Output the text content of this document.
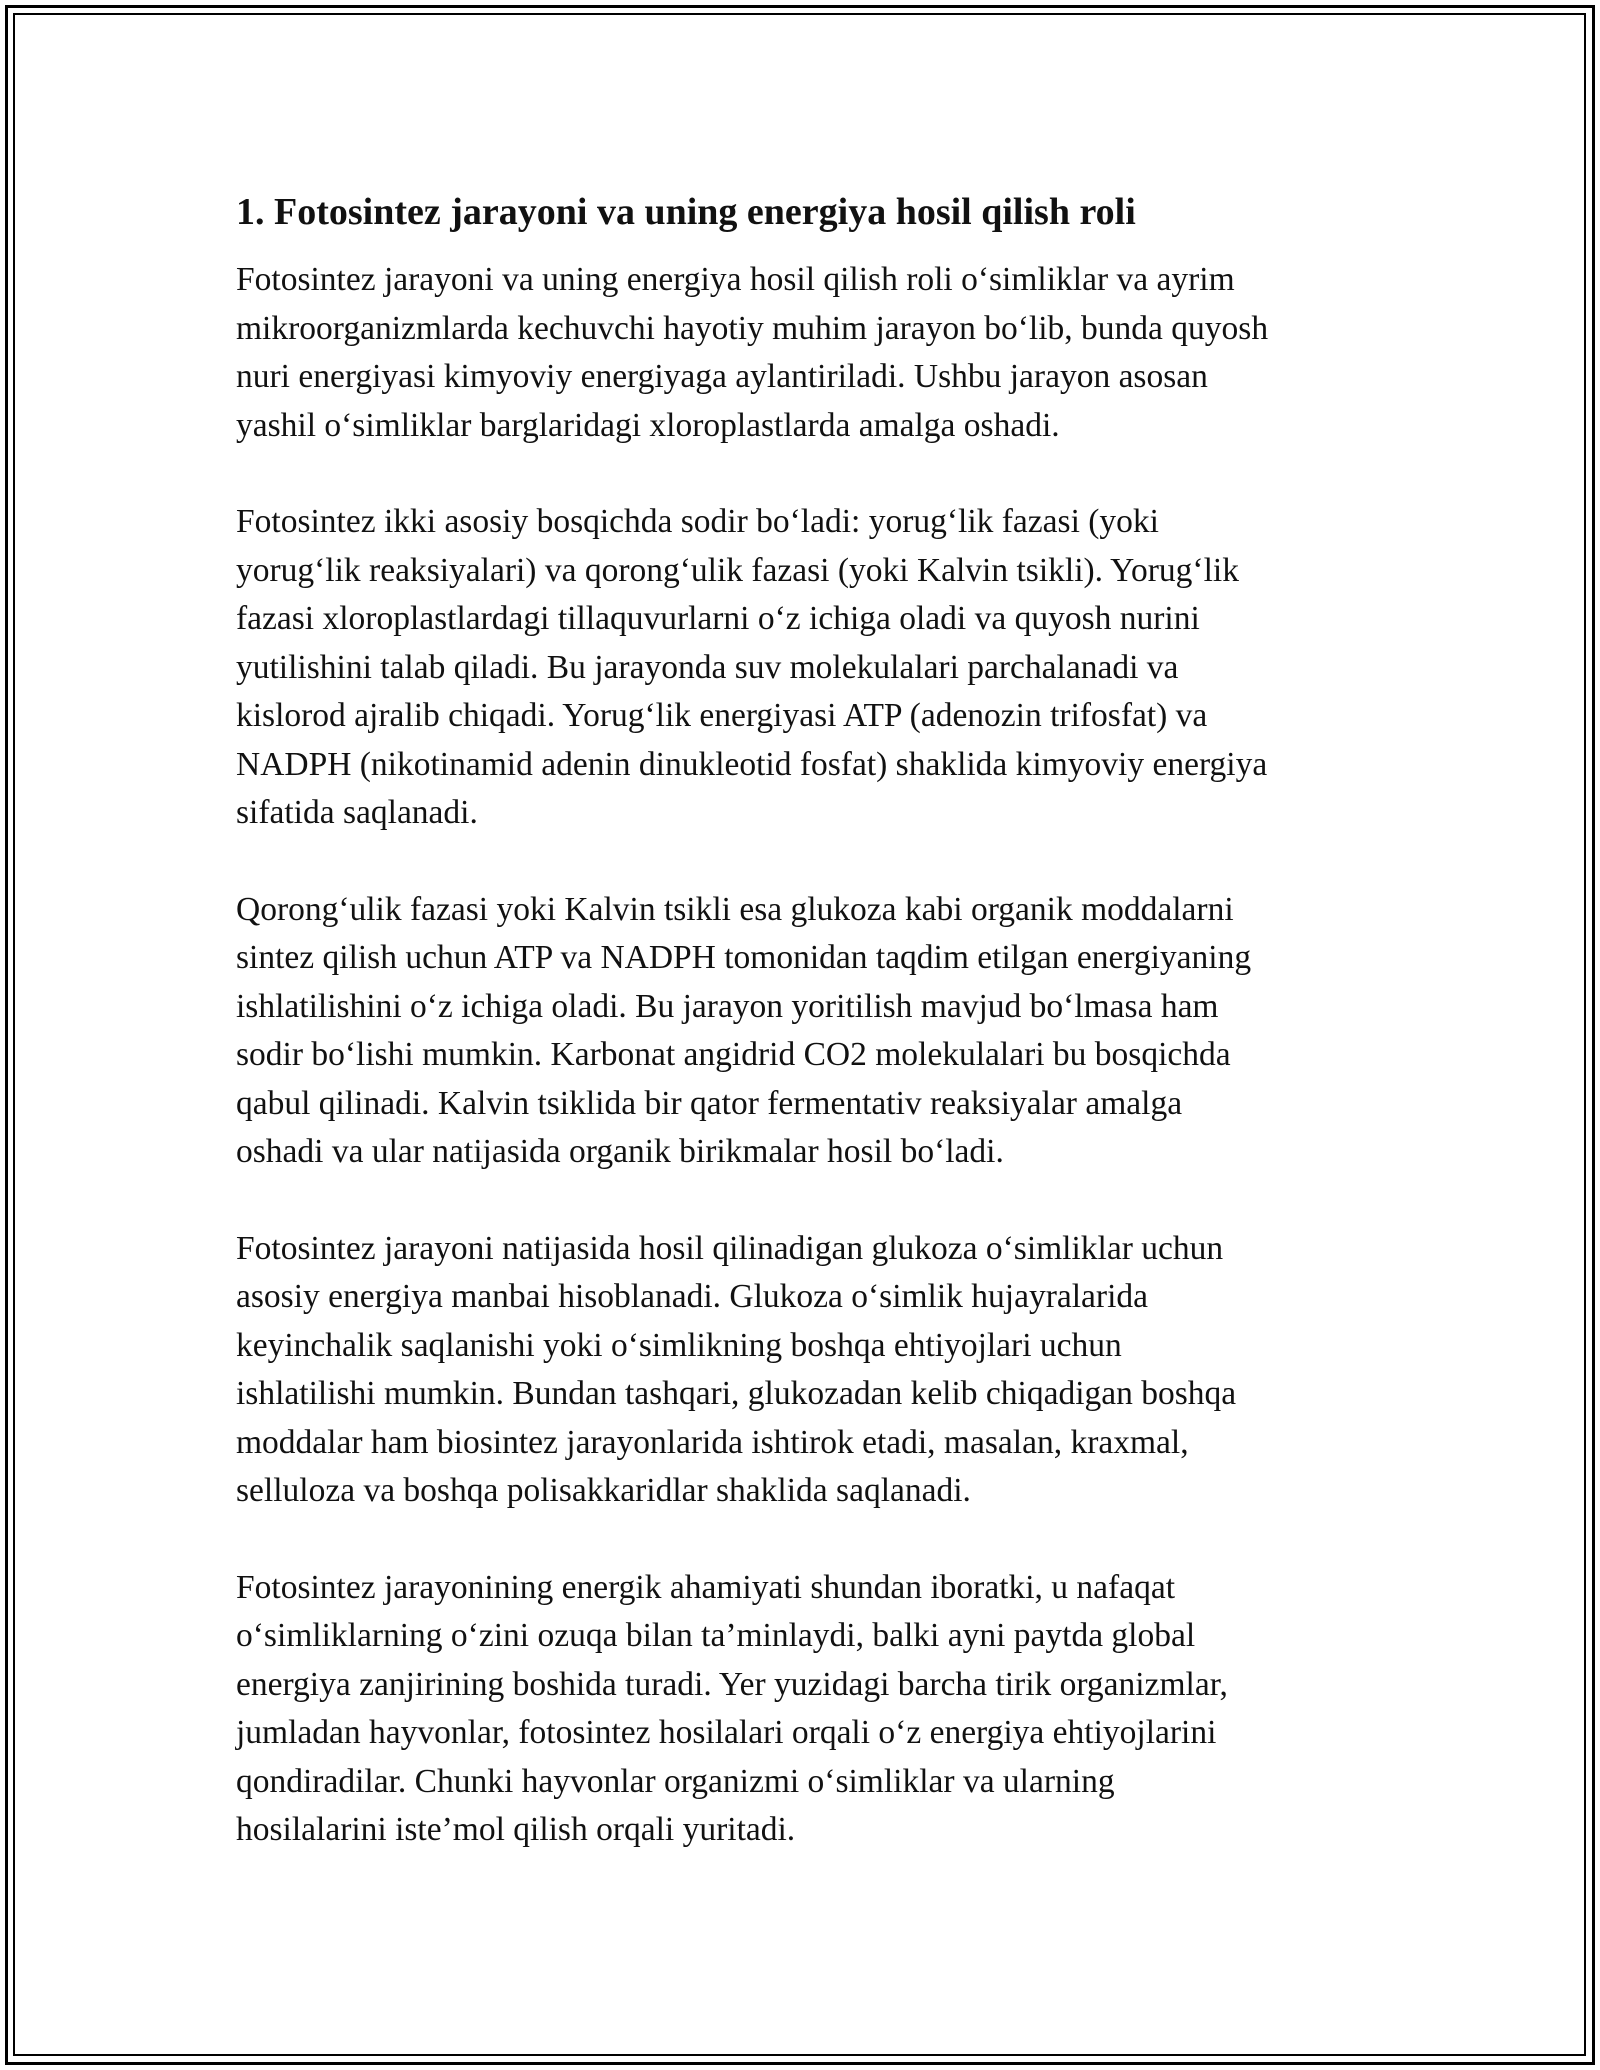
1. Fotosintez jarayoni va uning energiya hosil qilish roli

Fotosintez jarayoni va uning energiya hosil qilish roli o‘simliklar va ayrim
mikroorganizmlarda kechuvchi hayotiy muhim jarayon bo‘lib, bunda quyosh
nuri energiyasi kimyoviy energiyaga aylantiriladi. Ushbu jarayon asosan
yashil o‘simliklar barglaridagi xloroplastlarda amalga oshadi.

Fotosintez ikki asosiy bosqichda sodir bo‘ladi: yorug‘lik fazasi (yoki
yorug‘lik reaksiyalari) va qorong‘ulik fazasi (yoki Kalvin tsikli). Yorug‘lik
fazasi xloroplastlardagi tillaquvurlarni o‘z ichiga oladi va quyosh nurini
yutilishini talab qiladi. Bu jarayonda suv molekulalari parchalanadi va
kislorod ajralib chiqadi. Yorug‘lik energiyasi ATP (adenozin trifosfat) va
NADPH (nikotinamid adenin dinukleotid fosfat) shaklida kimyoviy energiya
sifatida saqlanadi.

Qorong‘ulik fazasi yoki Kalvin tsikli esa glukoza kabi organik moddalarni
sintez qilish uchun ATP va NADPH tomonidan taqdim etilgan energiyaning
ishlatilishini o‘z ichiga oladi. Bu jarayon yoritilish mavjud bo‘lmasa ham
sodir bo‘lishi mumkin. Karbonat angidrid CO2 molekulalari bu bosqichda
qabul qilinadi. Kalvin tsiklida bir qator fermentativ reaksiyalar amalga
oshadi va ular natijasida organik birikmalar hosil bo‘ladi.

Fotosintez jarayoni natijasida hosil qilinadigan glukoza o‘simliklar uchun
asosiy energiya manbai hisoblanadi. Glukoza o‘simlik hujayralarida
keyinchalik saqlanishi yoki o‘simlikning boshqa ehtiyojlari uchun
ishlatilishi mumkin. Bundan tashqari, glukozadan kelib chiqadigan boshqa
moddalar ham biosintez jarayonlarida ishtirok etadi, masalan, kraxmal,
selluloza va boshqa polisakkaridlar shaklida saqlanadi.

Fotosintez jarayonining energik ahamiyati shundan iboratki, u nafaqat
o‘simliklarning o‘zini ozuqa bilan ta’minlaydi, balki ayni paytda global
energiya zanjirining boshida turadi. Yer yuzidagi barcha tirik organizmlar,
jumladan hayvonlar, fotosintez hosilalari orqali o‘z energiya ehtiyojlarini
qondiradilar. Chunki hayvonlar organizmi o‘simliklar va ularning
hosilalarini iste’mol qilish orqali yuritadi.
